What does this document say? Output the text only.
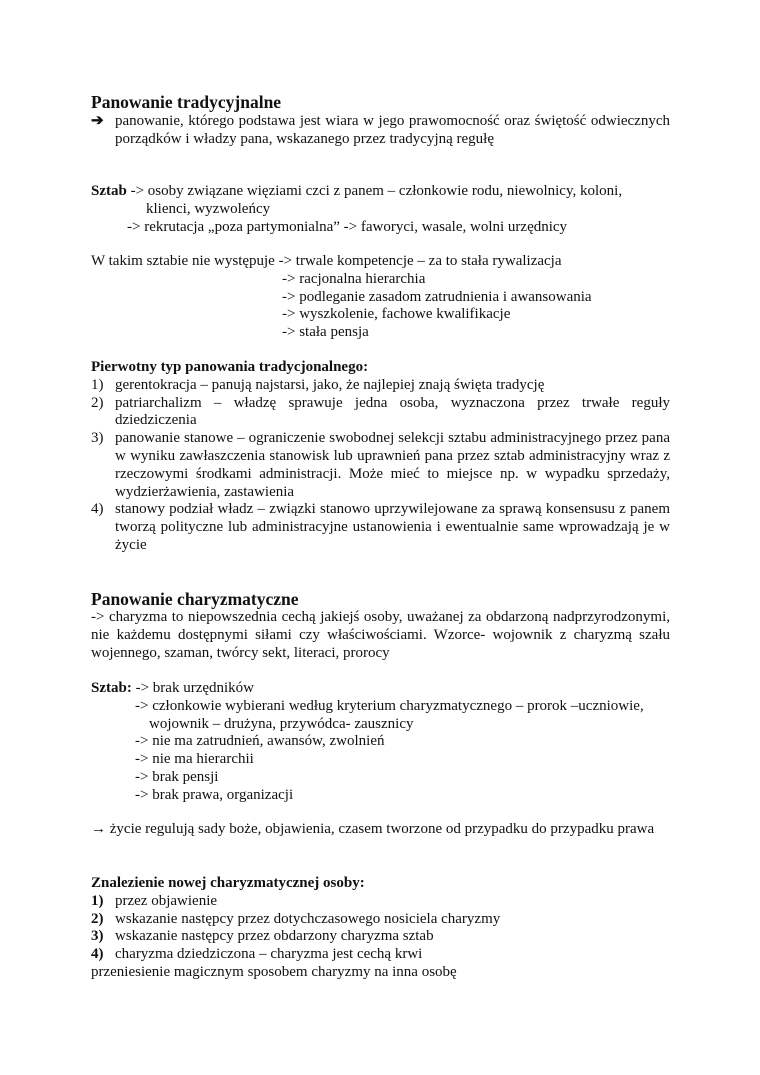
Panowanie tradycyjnalne
➔ panowanie, którego podstawa jest wiara w jego prawomocność oraz świętość odwiecznych porządków i władzy pana, wskazanego przez tradycyjną regułę

Sztab -> osoby związane więziami czci z panem – członkowie rodu, niewolnicy, koloni,

klienci, wyzwoleńcy

-> rekrutacja „poza partymonialna” -> faworyci, wasale, wolni urzędnicy

W takim sztabie nie występuje -> trwale kompetencje – za to stała rywalizacja

-> racjonalna hierarchia

-> podleganie zasadom zatrudnienia i awansowania

-> wyszkolenie, fachowe kwalifikacje

-> stała pensja

Pierwotny typ panowania tradycjonalnego:

1) gerentokracja – panują najstarsi, jako, że najlepiej znają święta tradycję
2) patriarchalizm – władzę sprawuje jedna osoba, wyznaczona przez trwałe reguły dziedziczenia
3) panowanie stanowe – ograniczenie swobodnej selekcji sztabu administracyjnego przez pana w wyniku zawłaszczenia stanowisk lub uprawnień pana przez sztab administracyjny wraz z rzeczowymi środkami administracji. Może mieć to miejsce np. w wypadku sprzedaży, wydzierżawienia, zastawienia
4) stanowy podział władz – związki stanowo uprzywilejowane za sprawą konsensusu z panem tworzą polityczne lub administracyjne ustanowienia i ewentualnie same wprowadzają je w życie
Panowanie charyzmatyczne

-> charyzma to niepowszednia cechą jakiejś osoby, uważanej za obdarzoną nadprzyrodzonymi, nie każdemu dostępnymi siłami czy właściwościami. Wzorce- wojownik z charyzmą szału wojennego, szaman, twórcy sekt, literaci, prorocy

Sztab: -> brak urzędników

-> członkowie wybierani według kryterium charyzmatycznego – prorok –uczniowie,

wojownik – drużyna, przywódca- zausznicy

-> nie ma zatrudnień, awansów, zwolnień

-> nie ma hierarchii

-> brak pensji

-> brak prawa, organizacji

→ życie regulują sady boże, objawienia, czasem tworzone od przypadku do przypadku prawa

Znalezienie nowej charyzmatycznej osoby:

1) przez objawienie
2) wskazanie następcy przez dotychczasowego nosiciela charyzmy
3) wskazanie następcy przez obdarzony charyzma sztab
4) charyzma dziedziczona – charyzma jest cechą krwi

przeniesienie magicznym sposobem charyzmy na inna osobę
